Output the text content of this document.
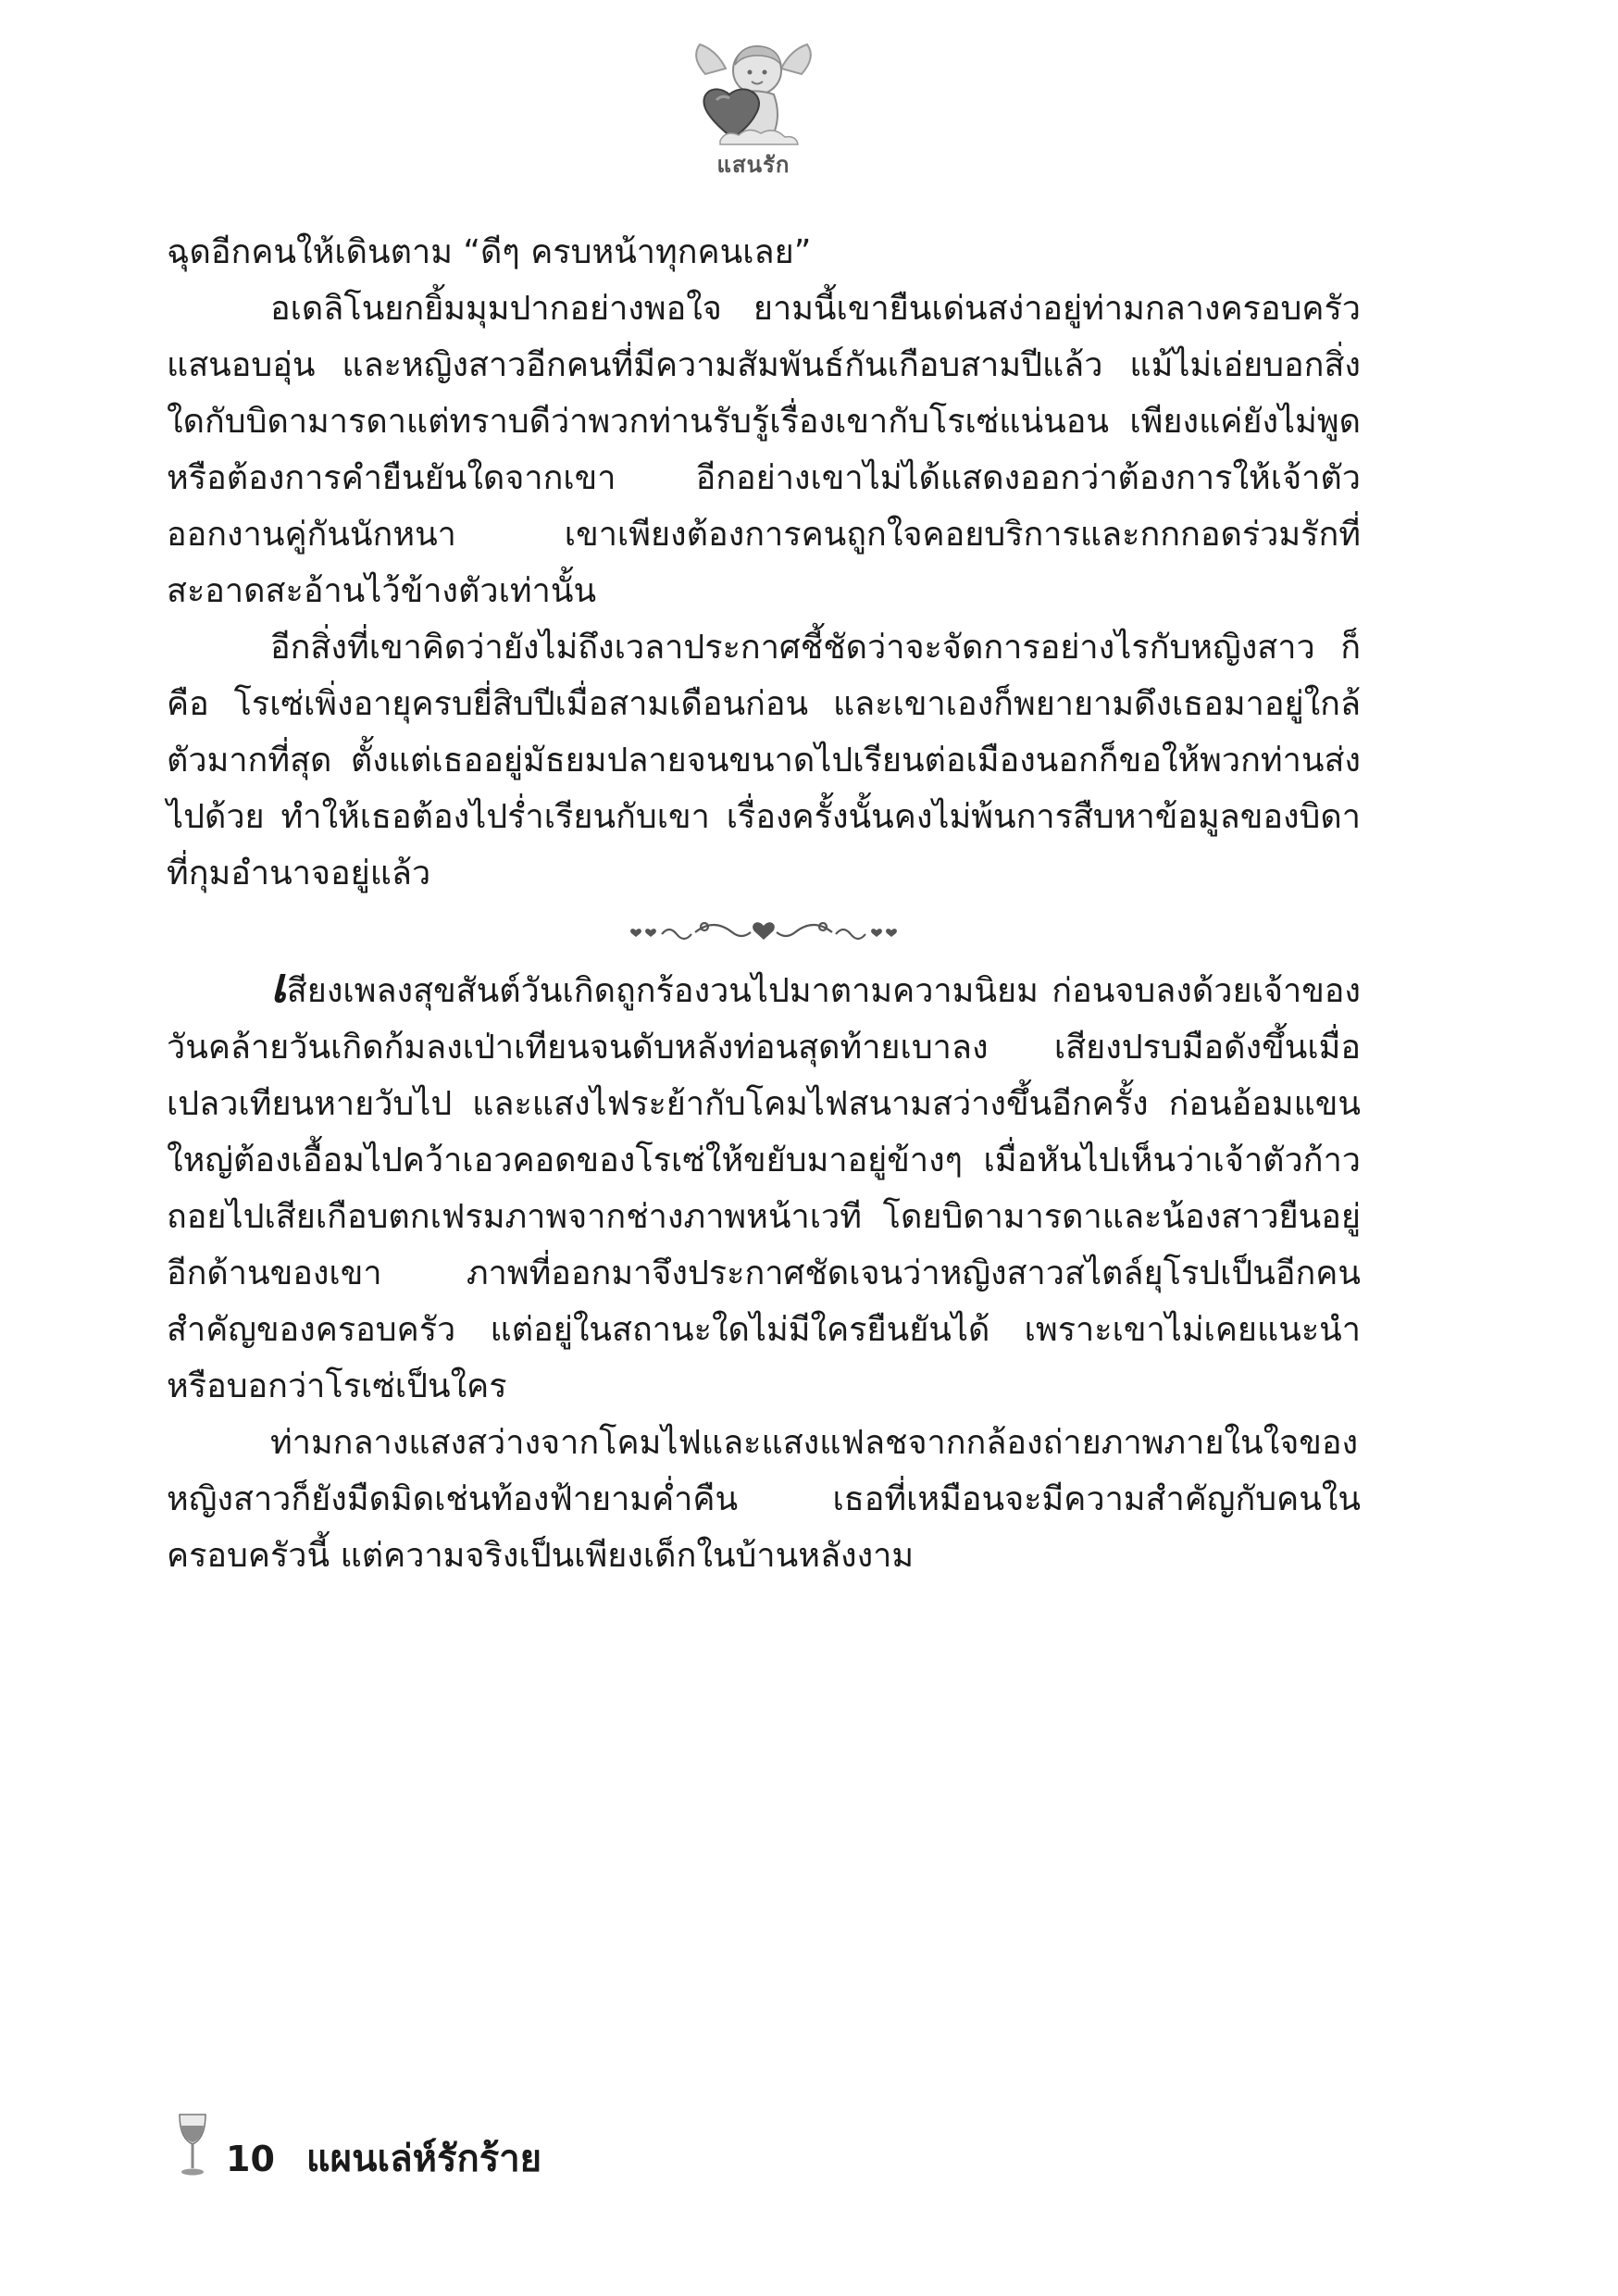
แสนรัก

ฉุดอีกคนให้เดินตาม “ดีๆ ครบหน้าทุกคนเลย”

อเดลิโนยกยิ้มมุมปากอย่างพอใจ ยามนี้เขายืนเด่นสง่าอยู่ท่ามกลางครอบครัวแสนอบอุ่น และหญิงสาวอีกคนที่มีความสัมพันธ์กันเกือบสามปีแล้ว แม้ไม่เอ่ยบอกสิ่งใดกับบิดามารดาแต่ทราบดีว่าพวกท่านรับรู้เรื่องเขากับโรเซ่แน่นอน เพียงแค่ยังไม่พูดหรือต้องการคำยืนยันใดจากเขา อีกอย่างเขาไม่ได้แสดงออกว่าต้องการให้เจ้าตัวออกงานคู่กันนักหนา เขาเพียงต้องการคนถูกใจคอยบริการและกกกอดร่วมรักที่สะอาดสะอ้านไว้ข้างตัวเท่านั้น

อีกสิ่งที่เขาคิดว่ายังไม่ถึงเวลาประกาศชี้ชัดว่าจะจัดการอย่างไรกับหญิงสาว ก็คือ โรเซ่เพิ่งอายุครบยี่สิบปีเมื่อสามเดือนก่อน และเขาเองก็พยายามดึงเธอมาอยู่ใกล้ตัวมากที่สุด ตั้งแต่เธออยู่มัธยมปลายจนขนาดไปเรียนต่อเมืองนอกก็ขอให้พวกท่านส่งไปด้วย ทำให้เธอต้องไปร่ำเรียนกับเขา เรื่องครั้งนั้นคงไม่พ้นการสืบหาข้อมูลของบิดาที่กุมอำนาจอยู่แล้ว

เสียงเพลงสุขสันต์วันเกิดถูกร้องวนไปมาตามความนิยม ก่อนจบลงด้วยเจ้าของวันคล้ายวันเกิดก้มลงเป่าเทียนจนดับหลังท่อนสุดท้ายเบาลง เสียงปรบมือดังขึ้นเมื่อเปลวเทียนหายวับไป และแสงไฟระย้ากับโคมไฟสนามสว่างขึ้นอีกครั้ง ก่อนอ้อมแขนใหญ่ต้องเอื้อมไปคว้าเอวคอดของโรเซ่ให้ขยับมาอยู่ข้างๆ เมื่อหันไปเห็นว่าเจ้าตัวก้าวถอยไปเสียเกือบตกเฟรมภาพจากช่างภาพหน้าเวที โดยบิดามารดาและน้องสาวยืนอยู่อีกด้านของเขา ภาพที่ออกมาจึงประกาศชัดเจนว่าหญิงสาวสไตล์ยุโรปเป็นอีกคนสำคัญของครอบครัว แต่อยู่ในสถานะใดไม่มีใครยืนยันได้ เพราะเขาไม่เคยแนะนำหรือบอกว่าโรเซ่เป็นใคร

ท่ามกลางแสงสว่างจากโคมไฟและแสงแฟลชจากกล้องถ่ายภาพภายในใจของหญิงสาวก็ยังมืดมิดเช่นท้องฟ้ายามค่ำคืน เธอที่เหมือนจะมีความสำคัญกับคนในครอบครัวนี้ แต่ความจริงเป็นเพียงเด็กในบ้านหลังงาม

10 แผนเล่ห์รักร้าย
